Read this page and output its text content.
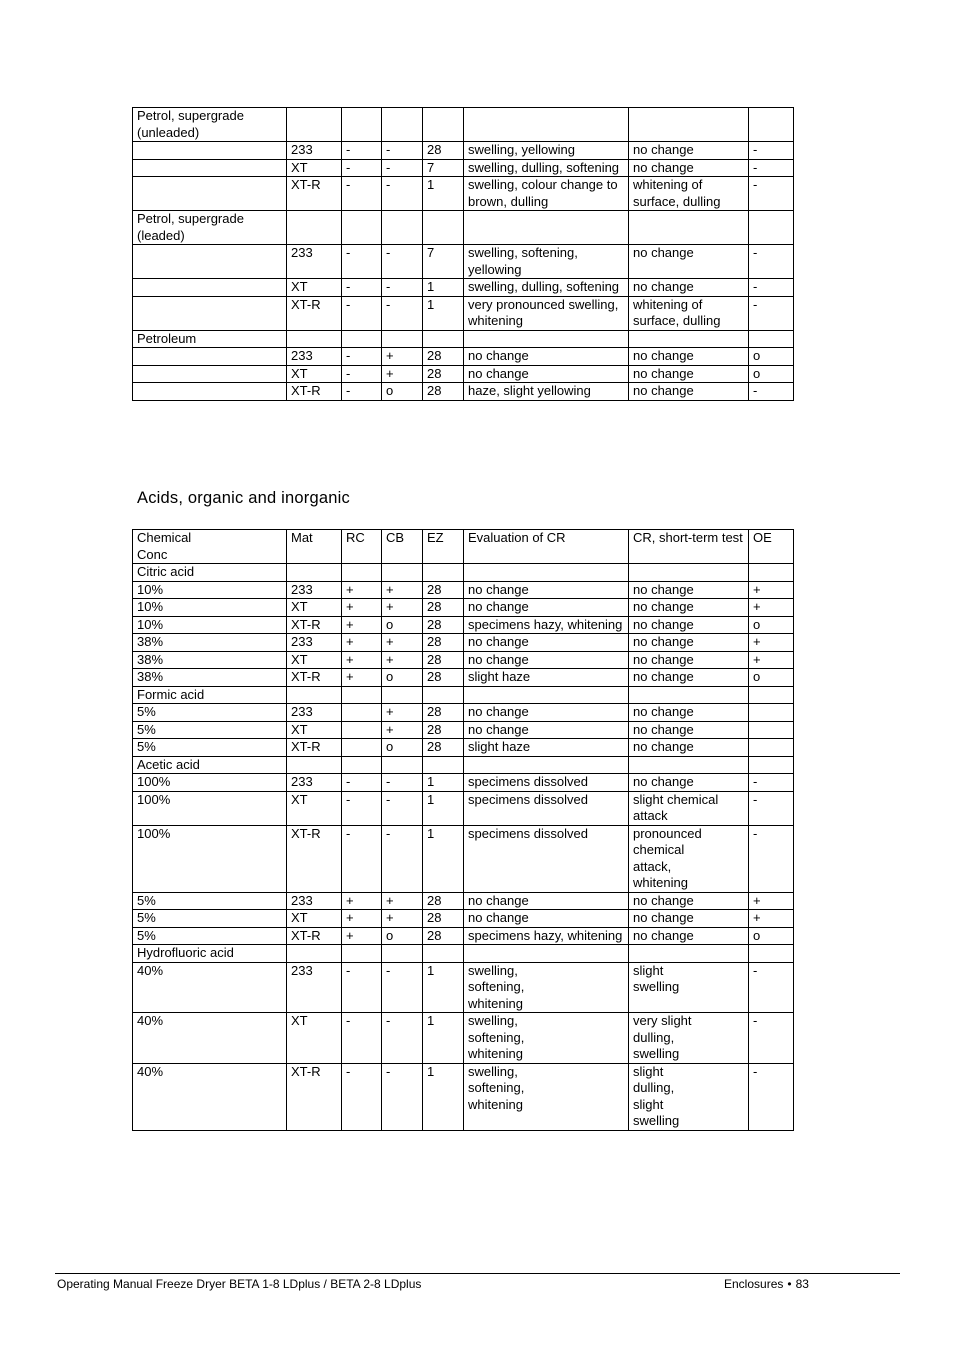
Petrol, supergrade (unleaded)							
	233	-	-	28	swelling, yellowing	no change	-
	XT	-	-	7	swelling, dulling, softening	no change	-
	XT-R	-	-	1	swelling, colour change to brown, dulling	whitening of surface, dulling	-
Petrol, supergrade (leaded)							
	233	-	-	7	swelling, softening, yellowing	no change	-
	XT	-	-	1	swelling, dulling, softening	no change	-
	XT-R	-	-	1	very pronounced swelling, whitening	whitening of surface, dulling	-
Petroleum							
	233	-	+	28	no change	no change	o
	XT	-	+	28	no change	no change	o
	XT-R	-	o	28	haze, slight yellowing	no change	-
Acids, organic and inorganic
Chemical
Conc	Mat	RC	CB	EZ	Evaluation of CR	CR, short-term test	OE
Citric acid							
10%	233	+	+	28	no change	no change	+
10%	XT	+	+	28	no change	no change	+
10%	XT-R	+	o	28	specimens hazy, whitening	no change	o
38%	233	+	+	28	no change	no change	+
38%	XT	+	+	28	no change	no change	+
38%	XT-R	+	o	28	slight haze	no change	o
Formic acid							
5%	233		+	28	no change	no change	
5%	XT		+	28	no change	no change	
5%	XT-R		o	28	slight haze	no change	
Acetic acid							
100%	233	-	-	1	specimens dissolved	no change	-
100%	XT	-	-	1	specimens dissolved	slight chemical attack	-
100%	XT-R	-	-	1	specimens dissolved	pronounced
chemical
attack,
whitening	-
5%	233	+	+	28	no change	no change	+
5%	XT	+	+	28	no change	no change	+
5%	XT-R	+	o	28	specimens hazy, whitening	no change	o
Hydrofluoric acid							
40%	233	-	-	1	swelling,
softening,
whitening	slight
swelling	-
40%	XT	-	-	1	swelling,
softening,
whitening	very slight
dulling,
swelling	-
40%	XT-R	-	-	1	swelling,
softening,
whitening	slight
dulling,
slight
swelling	-
Operating Manual Freeze Dryer BETA 1-8 LDplus / BETA 2-8 LDplus	Enclosures • 83
